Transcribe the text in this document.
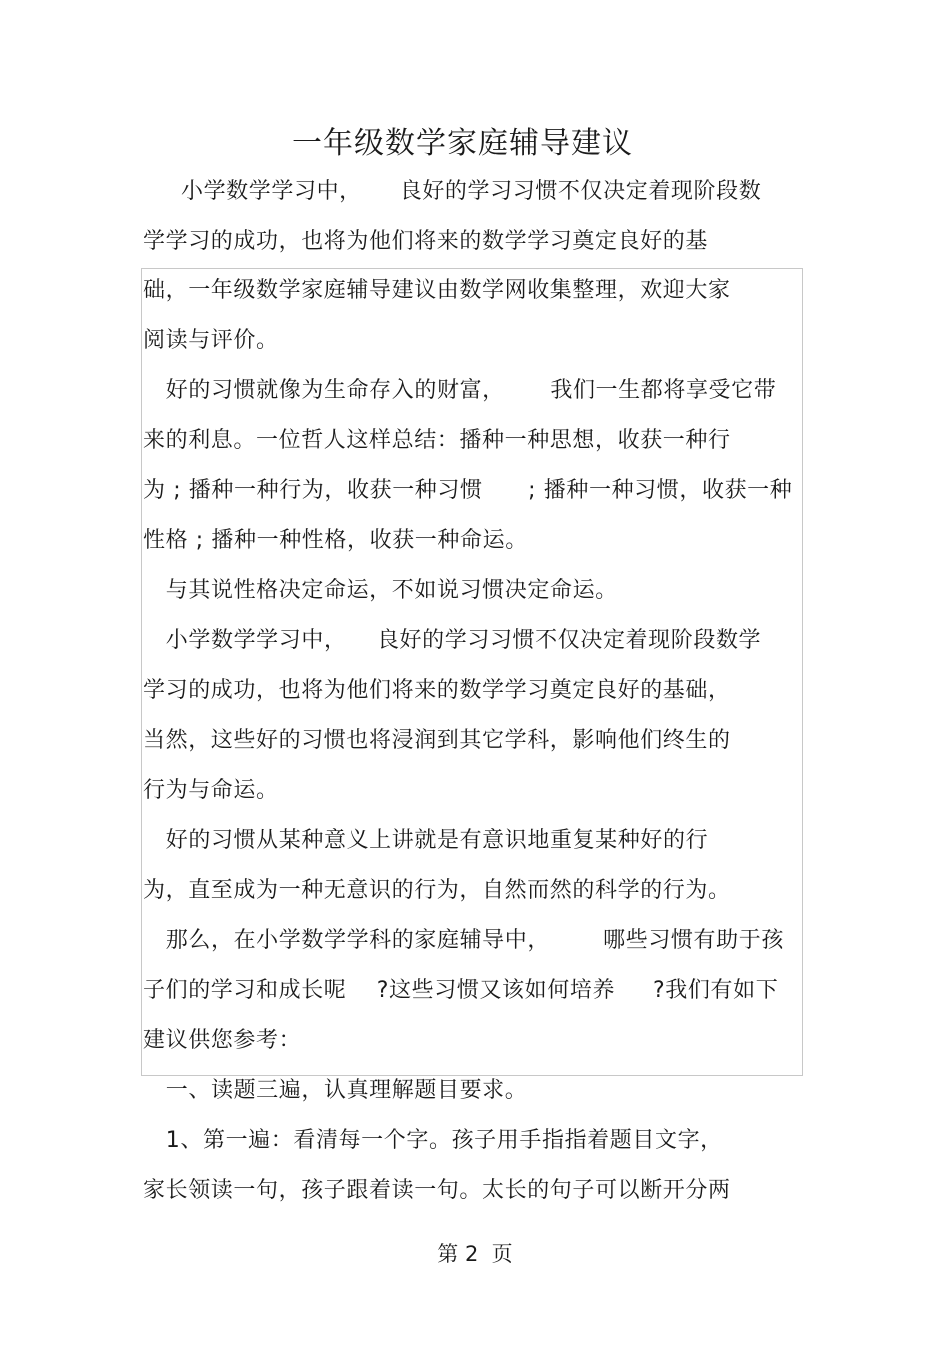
一年级数学家庭辅导建议
小学数学学习中，     良好的学习习惯不仅决定着现阶段数
学学习的成功，也将为他们将来的数学学习奠定良好的基
础，一年级数学家庭辅导建议由数学网收集整理，欢迎大家
阅读与评价。
好的习惯就像为生命存入的财富，      我们一生都将享受它带
来的利息。一位哲人这样总结：播种一种思想，收获一种行
为 ; 播种一种行为，收获一种习惯      ; 播种一种习惯，收获一种
性格 ; 播种一种性格，收获一种命运。
与其说性格决定命运，不如说习惯决定命运。
小学数学学习中，    良好的学习习惯不仅决定着现阶段数学
学习的成功，也将为他们将来的数学学习奠定良好的基础，
当然，这些好的习惯也将浸润到其它学科，影响他们终生的
行为与命运。
好的习惯从某种意义上讲就是有意识地重复某种好的行
为，直至成为一种无意识的行为，自然而然的科学的行为。
那么，在小学数学学科的家庭辅导中，       哪些习惯有助于孩
子们的学习和成长呢    ?这些习惯又该如何培养     ?我们有如下
建议供您参考：
一、读题三遍，认真理解题目要求。
1、第一遍：看清每一个字。孩子用手指指着题目文字，
家长领读一句，孩子跟着读一句。太长的句子可以断开分两
第 2  页
